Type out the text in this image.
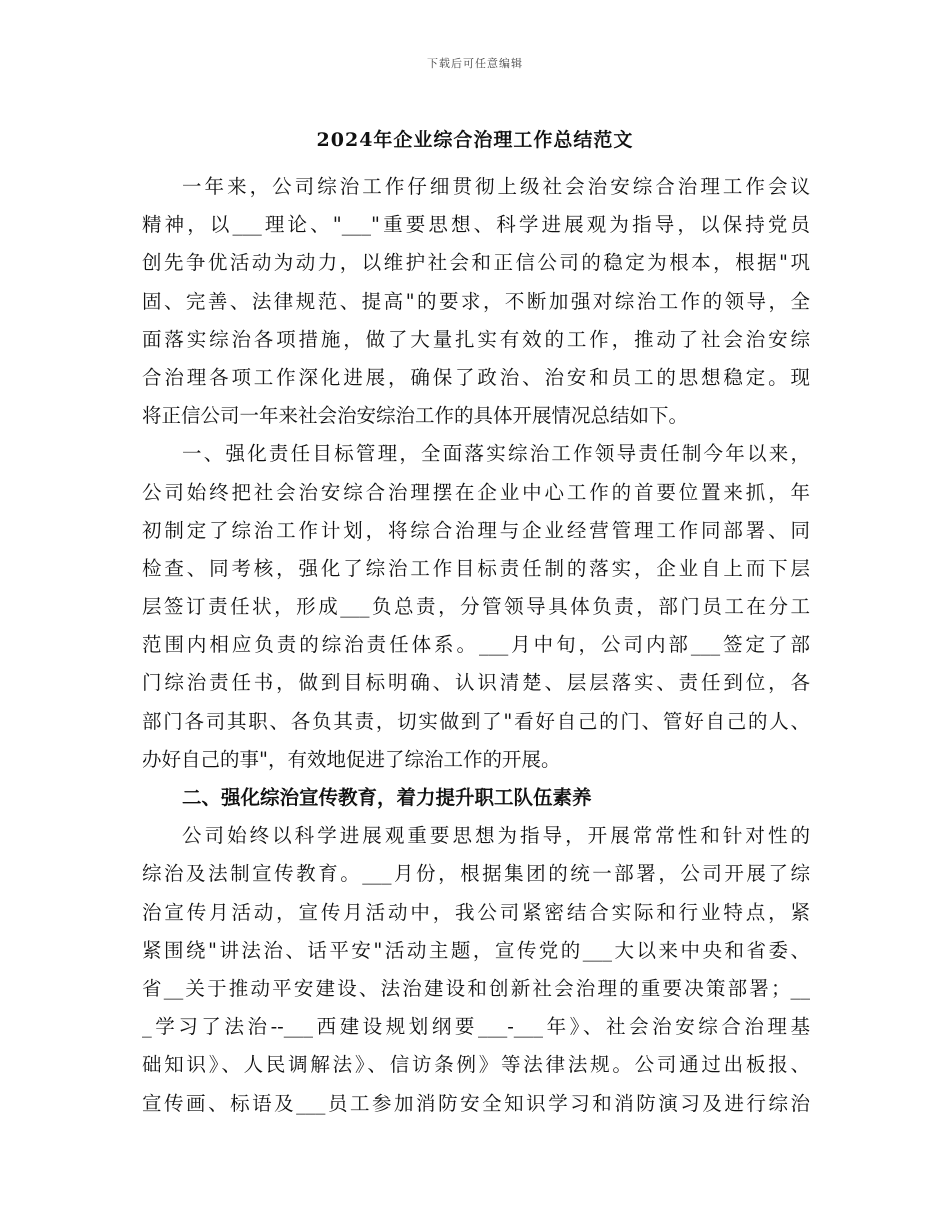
下载后可任意编辑
2024年企业综合治理工作总结范文
一年来，公司综治工作仔细贯彻上级社会治安综合治理工作会议
精神，以___理论、"___"重要思想、科学进展观为指导，以保持党员
创先争优活动为动力，以维护社会和正信公司的稳定为根本，根据"巩
固、完善、法律规范、提高"的要求，不断加强对综治工作的领导，全
面落实综治各项措施，做了大量扎实有效的工作，推动了社会治安综
合治理各项工作深化进展，确保了政治、治安和员工的思想稳定。现
将正信公司一年来社会治安综治工作的具体开展情况总结如下。
一、强化责任目标管理，全面落实综治工作领导责任制今年以来，
公司始终把社会治安综合治理摆在企业中心工作的首要位置来抓，年
初制定了综治工作计划，将综合治理与企业经营管理工作同部署、同
检查、同考核，强化了综治工作目标责任制的落实，企业自上而下层
层签订责任状，形成___负总责，分管领导具体负责，部门员工在分工
范围内相应负责的综治责任体系。___月中旬，公司内部___签定了部
门综治责任书，做到目标明确、认识清楚、层层落实、责任到位，各
部门各司其职、各负其责，切实做到了"看好自己的门、管好自己的人、
办好自己的事"，有效地促进了综治工作的开展。
二、强化综治宣传教育，着力提升职工队伍素养
公司始终以科学进展观重要思想为指导，开展常常性和针对性的
综治及法制宣传教育。___月份，根据集团的统一部署，公司开展了综
治宣传月活动，宣传月活动中，我公司紧密结合实际和行业特点，紧
紧围绕"讲法治、话平安"活动主题，宣传党的___大以来中央和省委、
省__关于推动平安建设、法治建设和创新社会治理的重要决策部署；__
_学习了法治--___西建设规划纲要___-___年》、社会治安综合治理基
础知识》、人民调解法》、信访条例》等法律法规。公司通过出板报、
宣传画、标语及___员工参加消防安全知识学习和消防演习及进行综治
